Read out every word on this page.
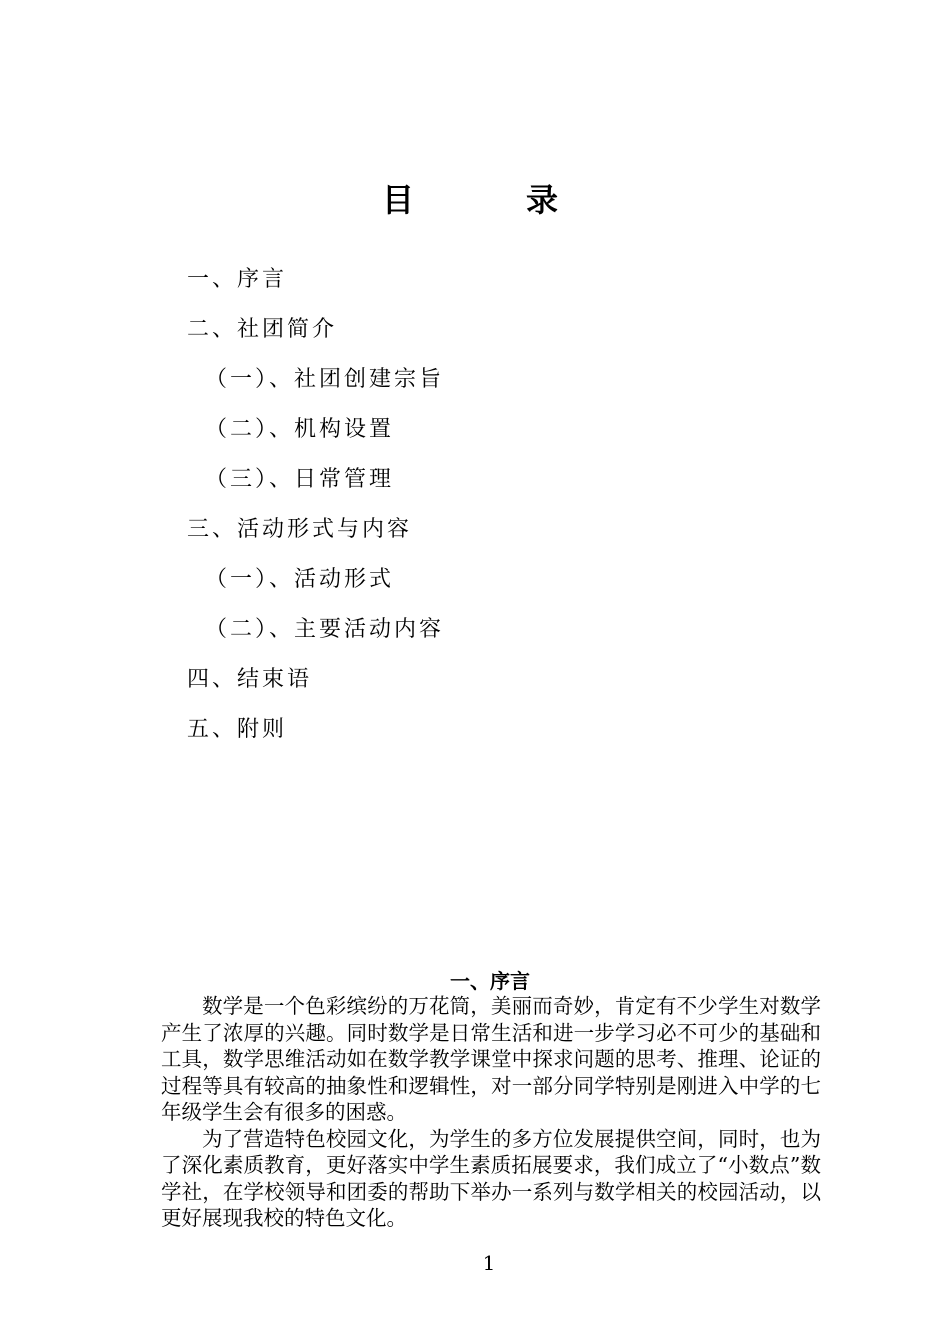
目　录
一、序言
二、社团简介
（一）、社团创建宗旨
（二）、机构设置
（三）、日常管理
三、活动形式与内容
（一）、活动形式
（二）、主要活动内容
四、结束语
五、附则
一、序言

数学是一个色彩缤纷的万花筒，美丽而奇妙，肯定有不少学生对数学产生了浓厚的兴趣。同时数学是日常生活和进一步学习必不可少的基础和工具，数学思维活动如在数学教学课堂中探求问题的思考、推理、论证的过程等具有较高的抽象性和逻辑性，对一部分同学特别是刚进入中学的七年级学生会有很多的困惑。

为了营造特色校园文化，为学生的多方位发展提供空间，同时，也为了深化素质教育，更好落实中学生素质拓展要求，我们成立了“小数点”数学社，在学校领导和团委的帮助下举办一系列与数学相关的校园活动，以更好展现我校的特色文化。

1
